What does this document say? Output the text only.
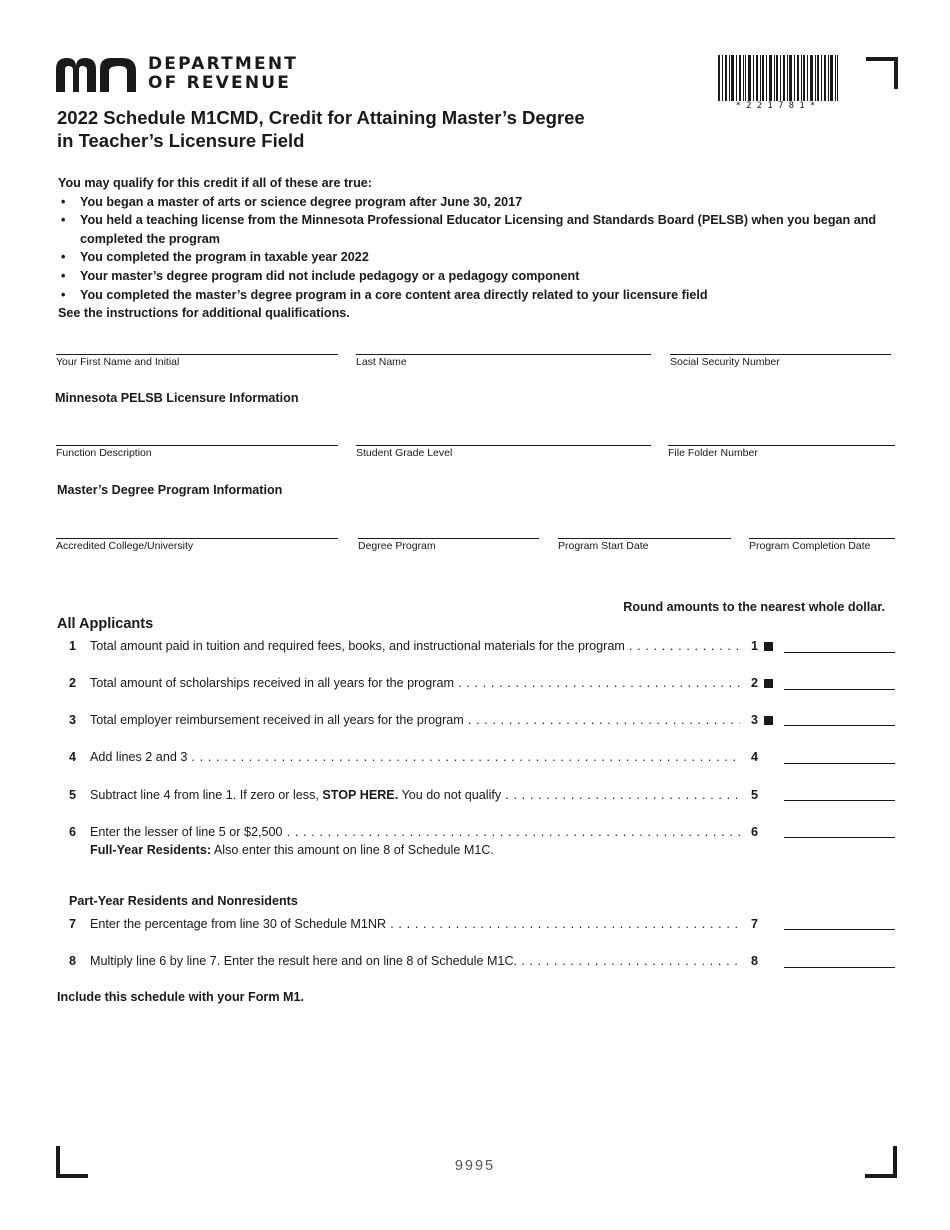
DEPARTMENT
OF REVENUE
*221781*
2022 Schedule M1CMD, Credit for Attaining Master’s Degree
in Teacher’s Licensure Field

You may qualify for this credit if all of these are true:

• You began a master of arts or science degree program after June 30, 2017
• You held a teaching license from the Minnesota Professional Educator Licensing and Standards Board (PELSB) when you began and completed the program
• You completed the program in taxable year 2022
• Your master’s degree program did not include pedagogy or a pedagogy component
• You completed the master’s degree program in a core content area directly related to your licensure field

See the instructions for additional qualifications.

Your First Name and Initial	Last Name	Social Security Number
Minnesota PELSB Licensure Information
Function Description	Student Grade Level	File Folder Number
Master’s Degree Program Information
Accredited College/University	Degree Program	Program Start Date	Program Completion Date
Round amounts to the nearest whole dollar.
All Applicants
1 Total amount paid in tuition and required fees, books, and instructional materials for the program . . .	1
2 Total amount of scholarships received in all years for the program . . .	2
3 Total employer reimbursement received in all years for the program . . .	3
4 Add lines 2 and 3 . . .	4
5 Subtract line 4 from line 1. If zero or less, STOP HERE. You do not qualify . . .	5
6 Enter the lesser of line 5 or $2,500 . . .	6
Full-Year Residents: Also enter this amount on line 8 of Schedule M1C.
Part-Year Residents and Nonresidents
7 Enter the percentage from line 30 of Schedule M1NR . . .	7
8 Multiply line 6 by line 7. Enter the result here and on line 8 of Schedule M1C. . . .	8
Include this schedule with your Form M1.
9995
